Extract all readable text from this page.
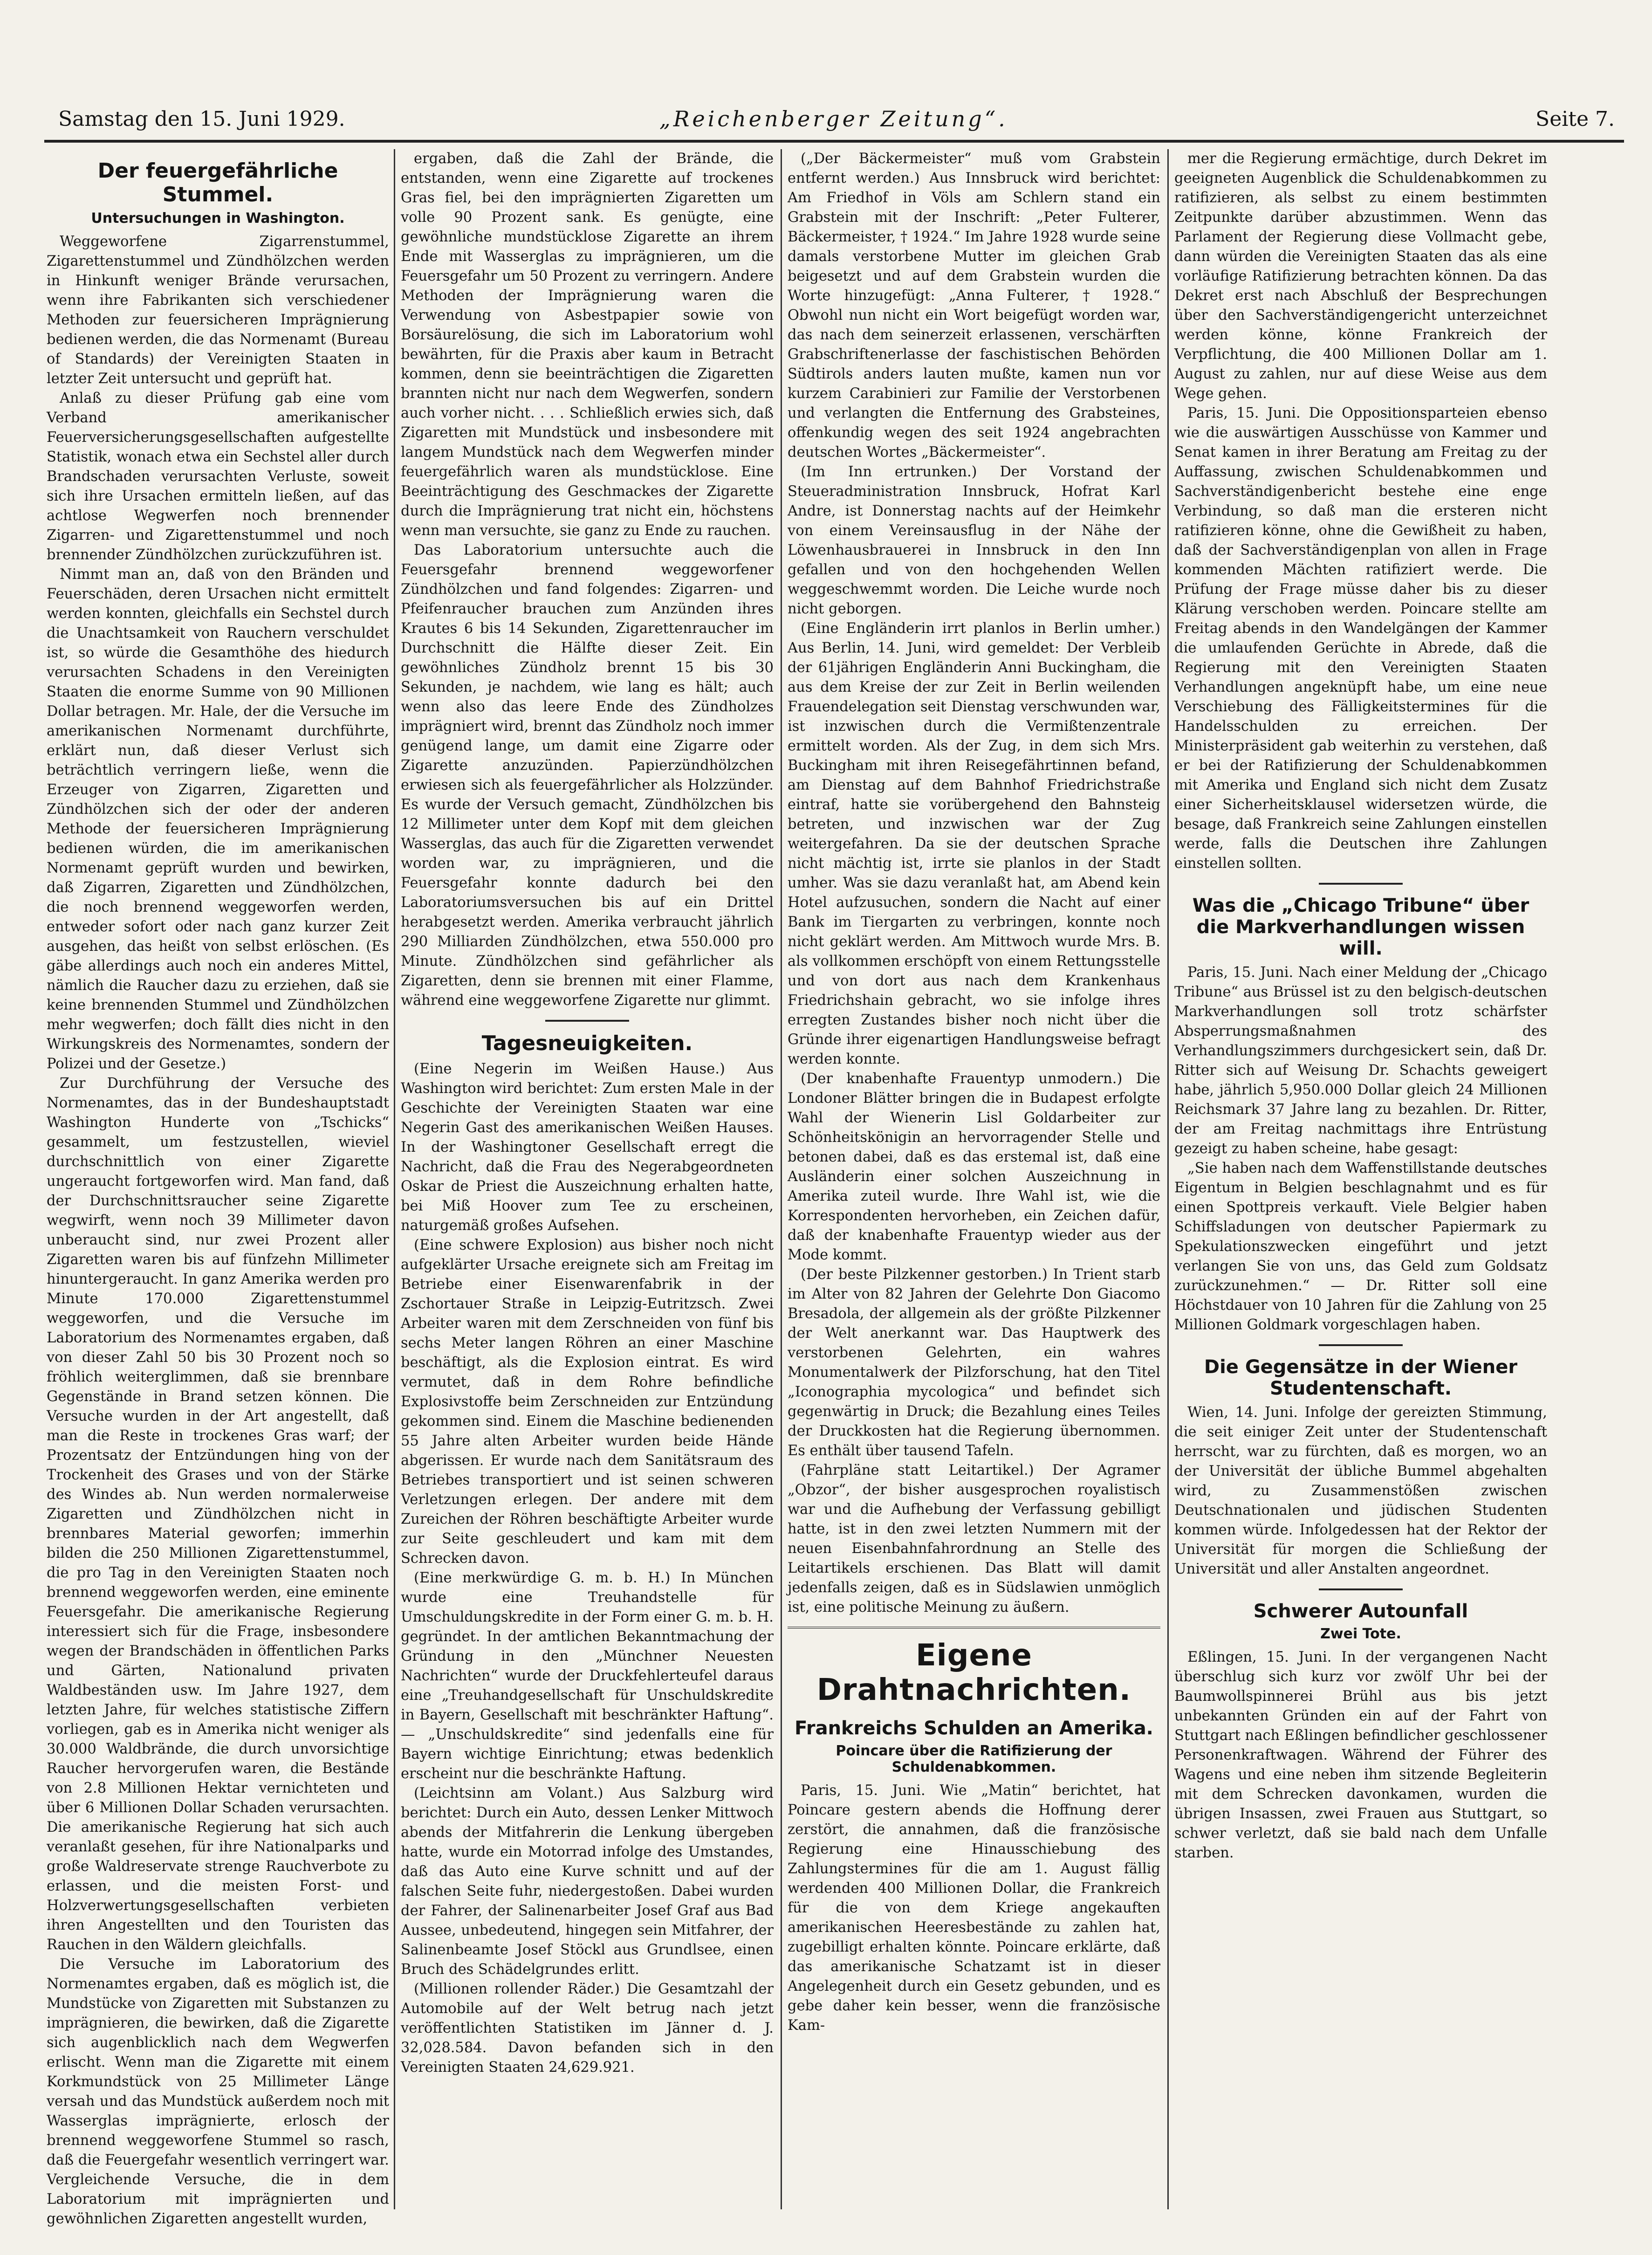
Samstag den 15. Juni 1929.	„Reichenberger Zeitung“.	Seite 7.
Der feuergefährliche Stummel.
Untersuchungen in Washington.

Weggeworfene Zigarrenstummel, Zigarettenstummel und Zündhölzchen werden in Hinkunft weniger Brände verursachen, wenn ihre Fabrikanten sich verschiedener Methoden zur feuersicheren Imprägnierung bedienen werden, die das Normenamt (Bureau of Standards) der Vereinigten Staaten in letzter Zeit untersucht und geprüft hat.

Anlaß zu dieser Prüfung gab eine vom Verband amerikanischer Feuerversicherungsgesellschaften aufgestellte Statistik, wonach etwa ein Sechstel aller durch Brandschaden verursachten Verluste, soweit sich ihre Ursachen ermitteln ließen, auf das achtlose Wegwerfen noch brennender Zigarren- und Zigarettenstummel und noch brennender Zündhölzchen zurückzuführen ist.

Nimmt man an, daß von den Bränden und Feuerschäden, deren Ursachen nicht ermittelt werden konnten, gleichfalls ein Sechstel durch die Unachtsamkeit von Rauchern verschuldet ist, so würde die Gesamthöhe des hiedurch verursachten Schadens in den Vereinigten Staaten die enorme Summe von 90 Millionen Dollar betragen. Mr. Hale, der die Versuche im amerikanischen Normenamt durchführte, erklärt nun, daß dieser Verlust sich beträchtlich verringern ließe, wenn die Erzeuger von Zigarren, Zigaretten und Zündhölzchen sich der oder der anderen Methode der feuersicheren Imprägnierung bedienen würden, die im amerikanischen Normenamt geprüft wurden und bewirken, daß Zigarren, Zigaretten und Zündhölzchen, die noch brennend weggeworfen werden, entweder sofort oder nach ganz kurzer Zeit ausgehen, das heißt von selbst erlöschen. (Es gäbe allerdings auch noch ein anderes Mittel, nämlich die Raucher dazu zu erziehen, daß sie keine brennenden Stummel und Zündhölzchen mehr wegwerfen; doch fällt dies nicht in den Wirkungskreis des Normenamtes, sondern der Polizei und der Gesetze.)

Zur Durchführung der Versuche des Normenamtes, das in der Bundeshauptstadt Washington Hunderte von „Tschicks“ gesammelt, um festzustellen, wieviel durchschnittlich von einer Zigarette ungeraucht fortgeworfen wird. Man fand, daß der Durchschnittsraucher seine Zigarette wegwirft, wenn noch 39 Millimeter davon unberaucht sind, nur zwei Prozent aller Zigaretten waren bis auf fünfzehn Millimeter hinuntergeraucht. In ganz Amerika werden pro Minute 170.000 Zigarettenstummel weggeworfen, und die Versuche im Laboratorium des Normenamtes ergaben, daß von dieser Zahl 50 bis 30 Prozent noch so fröhlich weiterglimmen, daß sie brennbare Gegenstände in Brand setzen können. Die Versuche wurden in der Art angestellt, daß man die Reste in trockenes Gras warf; der Prozentsatz der Entzündungen hing von der Trockenheit des Grases und von der Stärke des Windes ab. Nun werden normalerweise Zigaretten und Zündhölzchen nicht in brennbares Material geworfen; immerhin bilden die 250 Millionen Zigarettenstummel, die pro Tag in den Vereinigten Staaten noch brennend weggeworfen werden, eine eminente Feuersgefahr. Die amerikanische Regierung interessiert sich für die Frage, insbesondere wegen der Brandschäden in öffentlichen Parks und Gärten, Nationalund privaten Waldbeständen usw. Im Jahre 1927, dem letzten Jahre, für welches statistische Ziffern vorliegen, gab es in Amerika nicht weniger als 30.000 Waldbrände, die durch unvorsichtige Raucher hervorgerufen waren, die Bestände von 2.8 Millionen Hektar vernichteten und über 6 Millionen Dollar Schaden verursachten. Die amerikanische Regierung hat sich auch veranlaßt gesehen, für ihre Nationalparks und große Waldreservate strenge Rauchverbote zu erlassen, und die meisten Forst- und Holzverwertungsgesellschaften verbieten ihren Angestellten und den Touristen das Rauchen in den Wäldern gleichfalls.

Die Versuche im Laboratorium des Normenamtes ergaben, daß es möglich ist, die Mundstücke von Zigaretten mit Substanzen zu imprägnieren, die bewirken, daß die Zigarette sich augenblicklich nach dem Wegwerfen erlischt. Wenn man die Zigarette mit einem Korkmundstück von 25 Millimeter Länge versah und das Mundstück außerdem noch mit Wasserglas imprägnierte, erlosch der brennend weggeworfene Stummel so rasch, daß die Feuergefahr wesentlich verringert war. Vergleichende Versuche, die in dem Laboratorium mit imprägnierten und gewöhnlichen Zigaretten angestellt wurden,

ergaben, daß die Zahl der Brände, die entstanden, wenn eine Zigarette auf trockenes Gras fiel, bei den imprägnierten Zigaretten um volle 90 Prozent sank. Es genügte, eine gewöhnliche mundstücklose Zigarette an ihrem Ende mit Wasserglas zu imprägnieren, um die Feuersgefahr um 50 Prozent zu verringern. Andere Methoden der Imprägnierung waren die Verwendung von Asbestpapier sowie von Borsäurelösung, die sich im Laboratorium wohl bewährten, für die Praxis aber kaum in Betracht kommen, denn sie beeinträchtigen die Zigaretten brannten nicht nur nach dem Wegwerfen, sondern auch vorher nicht. . . . Schließlich erwies sich, daß Zigaretten mit Mundstück und insbesondere mit langem Mundstück nach dem Wegwerfen minder feuergefährlich waren als mundstücklose. Eine Beeinträchtigung des Geschmackes der Zigarette durch die Imprägnierung trat nicht ein, höchstens wenn man versuchte, sie ganz zu Ende zu rauchen.

Das Laboratorium untersuchte auch die Feuersgefahr brennend weggeworfener Zündhölzchen und fand folgendes: Zigarren- und Pfeifenraucher brauchen zum Anzünden ihres Krautes 6 bis 14 Sekunden, Zigarettenraucher im Durchschnitt die Hälfte dieser Zeit. Ein gewöhnliches Zündholz brennt 15 bis 30 Sekunden, je nachdem, wie lang es hält; auch wenn also das leere Ende des Zündholzes imprägniert wird, brennt das Zündholz noch immer genügend lange, um damit eine Zigarre oder Zigarette anzuzünden. Papierzündhölzchen erwiesen sich als feuergefährlicher als Holzzünder. Es wurde der Versuch gemacht, Zündhölzchen bis 12 Millimeter unter dem Kopf mit dem gleichen Wasserglas, das auch für die Zigaretten verwendet worden war, zu imprägnieren, und die Feuersgefahr konnte dadurch bei den Laboratoriumsversuchen bis auf ein Drittel herabgesetzt werden. Amerika verbraucht jährlich 290 Milliarden Zündhölzchen, etwa 550.000 pro Minute. Zündhölzchen sind gefährlicher als Zigaretten, denn sie brennen mit einer Flamme, während eine weggeworfene Zigarette nur glimmt.

Tagesneuigkeiten.

(Eine Negerin im Weißen Hause.) Aus Washington wird berichtet: Zum ersten Male in der Geschichte der Vereinigten Staaten war eine Negerin Gast des amerikanischen Weißen Hauses. In der Washingtoner Gesellschaft erregt die Nachricht, daß die Frau des Negerabgeordneten Oskar de Priest die Auszeichnung erhalten hatte, bei Miß Hoover zum Tee zu erscheinen, naturgemäß großes Aufsehen.

(Eine schwere Explosion) aus bisher noch nicht aufgeklärter Ursache ereignete sich am Freitag im Betriebe einer Eisenwarenfabrik in der Zschortauer Straße in Leipzig-Eutritzsch. Zwei Arbeiter waren mit dem Zerschneiden von fünf bis sechs Meter langen Röhren an einer Maschine beschäftigt, als die Explosion eintrat. Es wird vermutet, daß in dem Rohre befindliche Explosivstoffe beim Zerschneiden zur Entzündung gekommen sind. Einem die Maschine bedienenden 55 Jahre alten Arbeiter wurden beide Hände abgerissen. Er wurde nach dem Sanitätsraum des Betriebes transportiert und ist seinen schweren Verletzungen erlegen. Der andere mit dem Zureichen der Röhren beschäftigte Arbeiter wurde zur Seite geschleudert und kam mit dem Schrecken davon.

(Eine merkwürdige G. m. b. H.) In München wurde eine Treuhandstelle für Umschuldungskredite in der Form einer G. m. b. H. gegründet. In der amtlichen Bekanntmachung der Gründung in den „Münchner Neuesten Nachrichten“ wurde der Druckfehlerteufel daraus eine „Treuhandgesellschaft für Unschuldskredite in Bayern, Gesellschaft mit beschränkter Haftung“. — „Unschuldskredite“ sind jedenfalls eine für Bayern wichtige Einrichtung; etwas bedenklich erscheint nur die beschränkte Haftung.

(Leichtsinn am Volant.) Aus Salzburg wird berichtet: Durch ein Auto, dessen Lenker Mittwoch abends der Mitfahrerin die Lenkung übergeben hatte, wurde ein Motorrad infolge des Umstandes, daß das Auto eine Kurve schnitt und auf der falschen Seite fuhr, niedergestoßen. Dabei wurden der Fahrer, der Salinenarbeiter Josef Graf aus Bad Aussee, unbedeutend, hingegen sein Mitfahrer, der Salinenbeamte Josef Stöckl aus Grundlsee, einen Bruch des Schädelgrundes erlitt.

(Millionen rollender Räder.) Die Gesamtzahl der Automobile auf der Welt betrug nach jetzt veröffentlichten Statistiken im Jänner d. J. 32,028.584. Davon befanden sich in den Vereinigten Staaten 24,629.921.

(„Der Bäckermeister“ muß vom Grabstein entfernt werden.) Aus Innsbruck wird berichtet: Am Friedhof in Völs am Schlern stand ein Grabstein mit der Inschrift: „Peter Fulterer, Bäckermeister, † 1924.“ Im Jahre 1928 wurde seine damals verstorbene Mutter im gleichen Grab beigesetzt und auf dem Grabstein wurden die Worte hinzugefügt: „Anna Fulterer, † 1928.“ Obwohl nun nicht ein Wort beigefügt worden war, das nach dem seinerzeit erlassenen, verschärften Grabschriftenerlasse der faschistischen Behörden Südtirols anders lauten mußte, kamen nun vor kurzem Carabinieri zur Familie der Verstorbenen und verlangten die Entfernung des Grabsteines, offenkundig wegen des seit 1924 angebrachten deutschen Wortes „Bäckermeister“.

(Im Inn ertrunken.) Der Vorstand der Steueradministration Innsbruck, Hofrat Karl Andre, ist Donnerstag nachts auf der Heimkehr von einem Vereinsausflug in der Nähe der Löwenhausbrauerei in Innsbruck in den Inn gefallen und von den hochgehenden Wellen weggeschwemmt worden. Die Leiche wurde noch nicht geborgen.

(Eine Engländerin irrt planlos in Berlin umher.) Aus Berlin, 14. Juni, wird gemeldet: Der Verbleib der 61jährigen Engländerin Anni Buckingham, die aus dem Kreise der zur Zeit in Berlin weilenden Frauendelegation seit Dienstag verschwunden war, ist inzwischen durch die Vermißtenzentrale ermittelt worden. Als der Zug, in dem sich Mrs. Buckingham mit ihren Reisegefährtinnen befand, am Dienstag auf dem Bahnhof Friedrichstraße eintraf, hatte sie vorübergehend den Bahnsteig betreten, und inzwischen war der Zug weitergefahren. Da sie der deutschen Sprache nicht mächtig ist, irrte sie planlos in der Stadt umher. Was sie dazu veranlaßt hat, am Abend kein Hotel aufzusuchen, sondern die Nacht auf einer Bank im Tiergarten zu verbringen, konnte noch nicht geklärt werden. Am Mittwoch wurde Mrs. B. als vollkommen erschöpft von einem Rettungsstelle und von dort aus nach dem Krankenhaus Friedrichshain gebracht, wo sie infolge ihres erregten Zustandes bisher noch nicht über die Gründe ihrer eigenartigen Handlungsweise befragt werden konnte.

(Der knabenhafte Frauentyp unmodern.) Die Londoner Blätter bringen die in Budapest erfolgte Wahl der Wienerin Lisl Goldarbeiter zur Schönheitskönigin an hervorragender Stelle und betonen dabei, daß es das erstemal ist, daß eine Ausländerin einer solchen Auszeichnung in Amerika zuteil wurde. Ihre Wahl ist, wie die Korrespondenten hervorheben, ein Zeichen dafür, daß der knabenhafte Frauentyp wieder aus der Mode kommt.

(Der beste Pilzkenner gestorben.) In Trient starb im Alter von 82 Jahren der Gelehrte Don Giacomo Bresadola, der allgemein als der größte Pilzkenner der Welt anerkannt war. Das Hauptwerk des verstorbenen Gelehrten, ein wahres Monumentalwerk der Pilzforschung, hat den Titel „Iconographia mycologica“ und befindet sich gegenwärtig in Druck; die Bezahlung eines Teiles der Druckkosten hat die Regierung übernommen. Es enthält über tausend Tafeln.

(Fahrpläne statt Leitartikel.) Der Agramer „Obzor“, der bisher ausgesprochen royalistisch war und die Aufhebung der Verfassung gebilligt hatte, ist in den zwei letzten Nummern mit der neuen Eisenbahnfahrordnung an Stelle des Leitartikels erschienen. Das Blatt will damit jedenfalls zeigen, daß es in Südslawien unmöglich ist, eine politische Meinung zu äußern.

Eigene Drahtnachrichten.
Frankreichs Schulden an Amerika.
Poincare über die Ratifizierung der Schuldenabkommen.

Paris, 15. Juni. Wie „Matin“ berichtet, hat Poincare gestern abends die Hoffnung derer zerstört, die annahmen, daß die französische Regierung eine Hinausschiebung des Zahlungstermines für die am 1. August fällig werdenden 400 Millionen Dollar, die Frankreich für die von dem Kriege angekauften amerikanischen Heeresbestände zu zahlen hat, zugebilligt erhalten könnte. Poincare erklärte, daß das amerikanische Schatzamt ist in dieser Angelegenheit durch ein Gesetz gebunden, und es gebe daher kein besser, wenn die französische Kam-

mer die Regierung ermächtige, durch Dekret im geeigneten Augenblick die Schuldenabkommen zu ratifizieren, als selbst zu einem bestimmten Zeitpunkte darüber abzustimmen. Wenn das Parlament der Regierung diese Vollmacht gebe, dann würden die Vereinigten Staaten das als eine vorläufige Ratifizierung betrachten können. Da das Dekret erst nach Abschluß der Besprechungen über den Sachverständigengericht unterzeichnet werden könne, könne Frankreich der Verpflichtung, die 400 Millionen Dollar am 1. August zu zahlen, nur auf diese Weise aus dem Wege gehen.

Paris, 15. Juni. Die Oppositionsparteien ebenso wie die auswärtigen Ausschüsse von Kammer und Senat kamen in ihrer Beratung am Freitag zu der Auffassung, zwischen Schuldenabkommen und Sachverständigenbericht bestehe eine enge Verbindung, so daß man die ersteren nicht ratifizieren könne, ohne die Gewißheit zu haben, daß der Sachverständigenplan von allen in Frage kommenden Mächten ratifiziert werde. Die Prüfung der Frage müsse daher bis zu dieser Klärung verschoben werden. Poincare stellte am Freitag abends in den Wandelgängen der Kammer die umlaufenden Gerüchte in Abrede, daß die Regierung mit den Vereinigten Staaten Verhandlungen angeknüpft habe, um eine neue Verschiebung des Fälligkeitstermines für die Handelsschulden zu erreichen. Der Ministerpräsident gab weiterhin zu verstehen, daß er bei der Ratifizierung der Schuldenabkommen mit Amerika und England sich nicht dem Zusatz einer Sicherheitsklausel widersetzen würde, die besage, daß Frankreich seine Zahlungen einstellen werde, falls die Deutschen ihre Zahlungen einstellen sollten.

Was die „Chicago Tribune“ über die Markverhandlungen wissen will.

Paris, 15. Juni. Nach einer Meldung der „Chicago Tribune“ aus Brüssel ist zu den belgisch-deutschen Markverhandlungen soll trotz schärfster Absperrungsmaßnahmen des Verhandlungszimmers durchgesickert sein, daß Dr. Ritter sich auf Weisung Dr. Schachts geweigert habe, jährlich 5,950.000 Dollar gleich 24 Millionen Reichsmark 37 Jahre lang zu bezahlen. Dr. Ritter, der am Freitag nachmittags ihre Entrüstung gezeigt zu haben scheine, habe gesagt:

„Sie haben nach dem Waffenstillstande deutsches Eigentum in Belgien beschlagnahmt und es für einen Spottpreis verkauft. Viele Belgier haben Schiffsladungen von deutscher Papiermark zu Spekulationszwecken eingeführt und jetzt verlangen Sie von uns, das Geld zum Goldsatz zurückzunehmen.“ — Dr. Ritter soll eine Höchstdauer von 10 Jahren für die Zahlung von 25 Millionen Goldmark vorgeschlagen haben.

Die Gegensätze in der Wiener Studentenschaft.

Wien, 14. Juni. Infolge der gereizten Stimmung, die seit einiger Zeit unter der Studentenschaft herrscht, war zu fürchten, daß es morgen, wo an der Universität der übliche Bummel abgehalten wird, zu Zusammenstößen zwischen Deutschnationalen und jüdischen Studenten kommen würde. Infolgedessen hat der Rektor der Universität für morgen die Schließung der Universität und aller Anstalten angeordnet.

Schwerer Autounfall
Zwei Tote.

Eßlingen, 15. Juni. In der vergangenen Nacht überschlug sich kurz vor zwölf Uhr bei der Baumwollspinnerei Brühl aus bis jetzt unbekannten Gründen ein auf der Fahrt von Stuttgart nach Eßlingen befindlicher geschlossener Personenkraftwagen. Während der Führer des Wagens und eine neben ihm sitzende Begleiterin mit dem Schrecken davonkamen, wurden die übrigen Insassen, zwei Frauen aus Stuttgart, so schwer verletzt, daß sie bald nach dem Unfalle starben.
